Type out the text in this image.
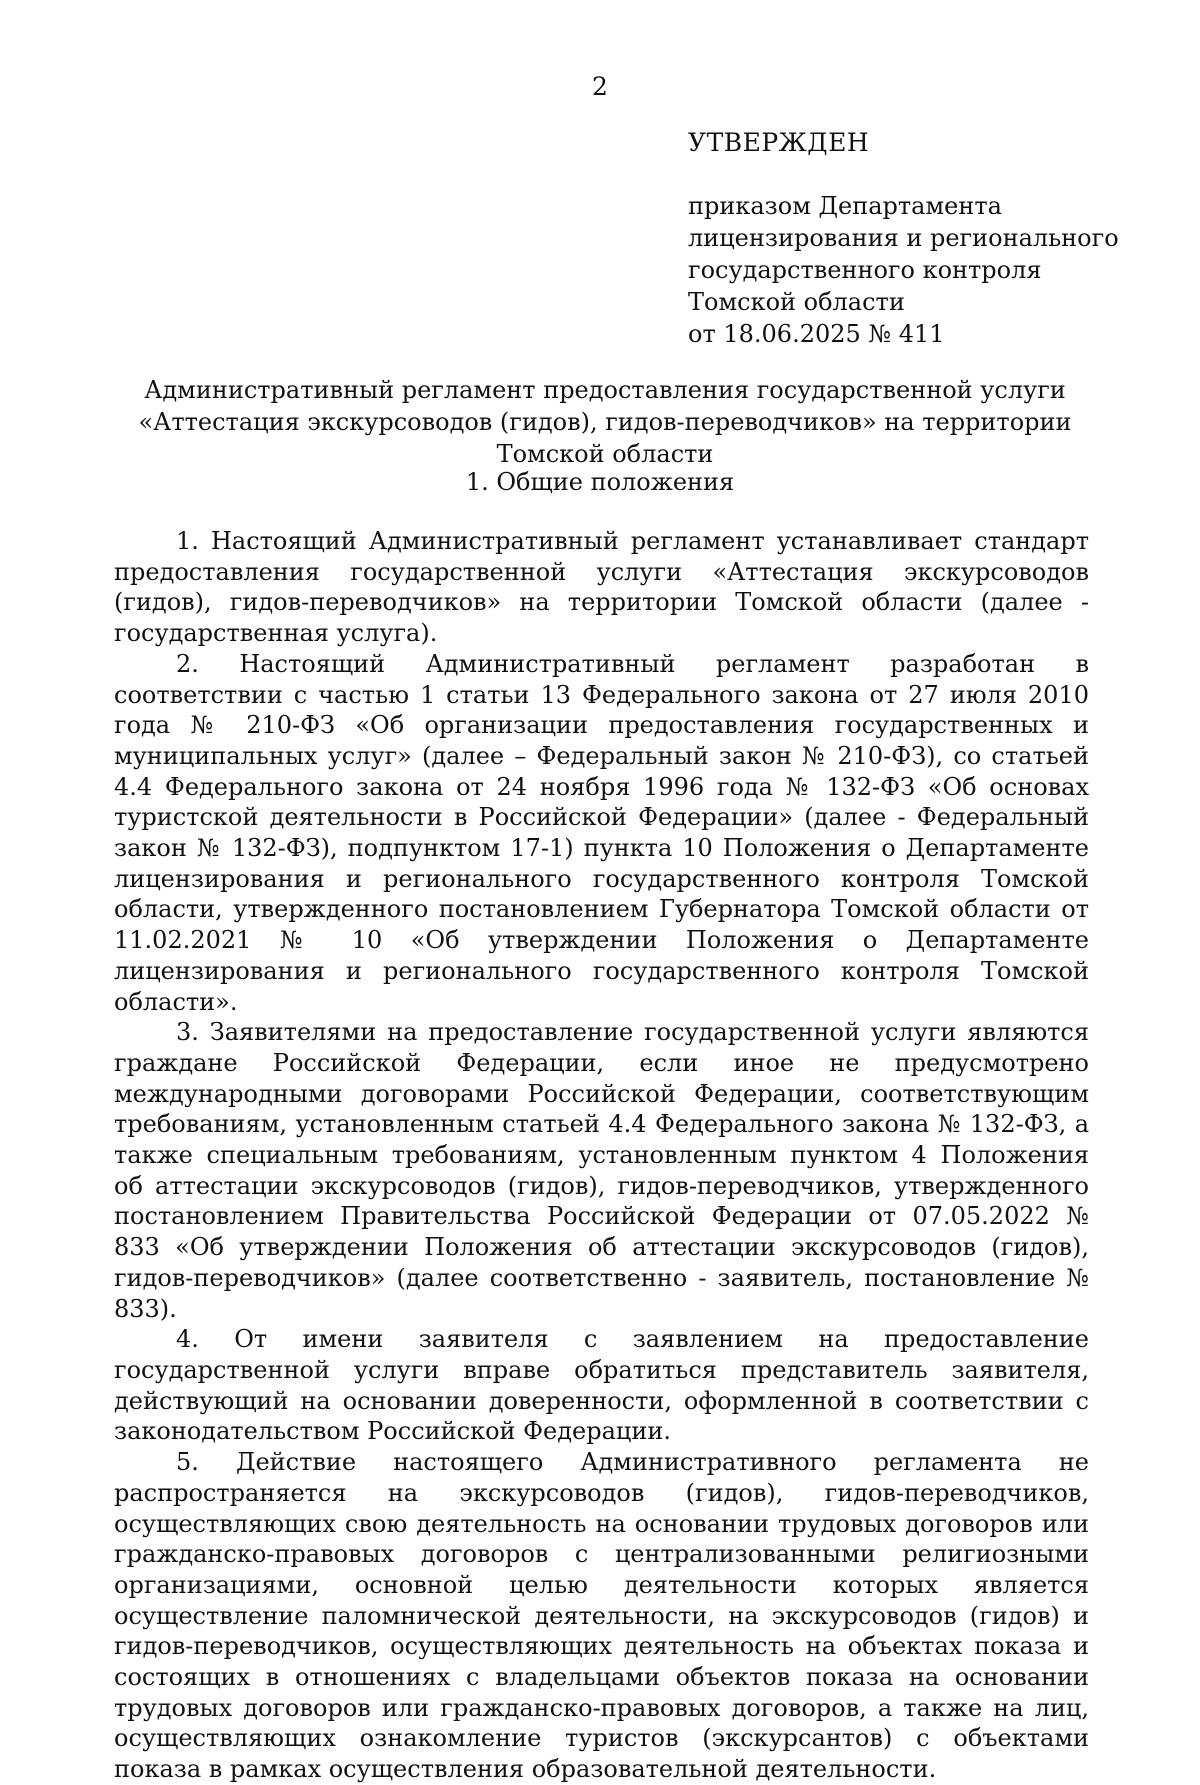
2
УТВЕРЖДЕН
приказом Департамента
лицензирования и регионального
государственного контроля
Томской области
от 18.06.2025 № 411
Административный регламент предоставления государственной услуги «Аттестация экскурсоводов (гидов), гидов-переводчиков» на территории Томской области
1. Общие положения

1. Настоящий Административный регламент устанавливает стандарт предоставления государственной услуги «Аттестация экскурсоводов (гидов), гидов-переводчиков» на территории Томской области (далее - государственная услуга).

2. Настоящий Административный регламент разработан в соответствии с частью 1 статьи 13 Федерального закона от 27 июля 2010 года № 210-ФЗ «Об организации предоставления государственных и муниципальных услуг» (далее – Федеральный закон № 210-ФЗ), со статьей 4.4 Федерального закона от 24 ноября 1996 года № 132-ФЗ «Об основах туристской деятельности в Российской Федерации» (далее - Федеральный закон № 132-ФЗ), подпунктом 17-1) пункта 10 Положения о Департаменте лицензирования и регионального государственного контроля Томской области, утвержденного постановлением Губернатора Томской области от 11.02.2021 № 10 «Об утверждении Положения о Департаменте лицензирования и регионального государственного контроля Томской области».

3. Заявителями на предоставление государственной услуги являются граждане Российской Федерации, если иное не предусмотрено международными договорами Российской Федерации, соответствующим требованиям, установленным статьей 4.4 Федерального закона № 132-ФЗ, а также специальным требованиям, установленным пунктом 4 Положения об аттестации экскурсоводов (гидов), гидов-переводчиков, утвержденного постановлением Правительства Российской Федерации от 07.05.2022 № 833 «Об утверждении Положения об аттестации экскурсоводов (гидов), гидов-переводчиков» (далее соответственно - заявитель, постановление № 833).

4. От имени заявителя с заявлением на предоставление государственной услуги вправе обратиться представитель заявителя, действующий на основании доверенности, оформленной в соответствии с законодательством Российской Федерации.

5. Действие настоящего Административного регламента не распространяется на экскурсоводов (гидов), гидов-переводчиков, осуществляющих свою деятельность на основании трудовых договоров или гражданско-правовых договоров с централизованными религиозными организациями, основной целью деятельности которых является осуществление паломнической деятельности, на экскурсоводов (гидов) и гидов-переводчиков, осуществляющих деятельность на объектах показа и состоящих в отношениях с владельцами объектов показа на основании трудовых договоров или гражданско-правовых договоров, а также на лиц, осуществляющих ознакомление туристов (экскурсантов) с объектами показа в рамках осуществления образовательной деятельности.
